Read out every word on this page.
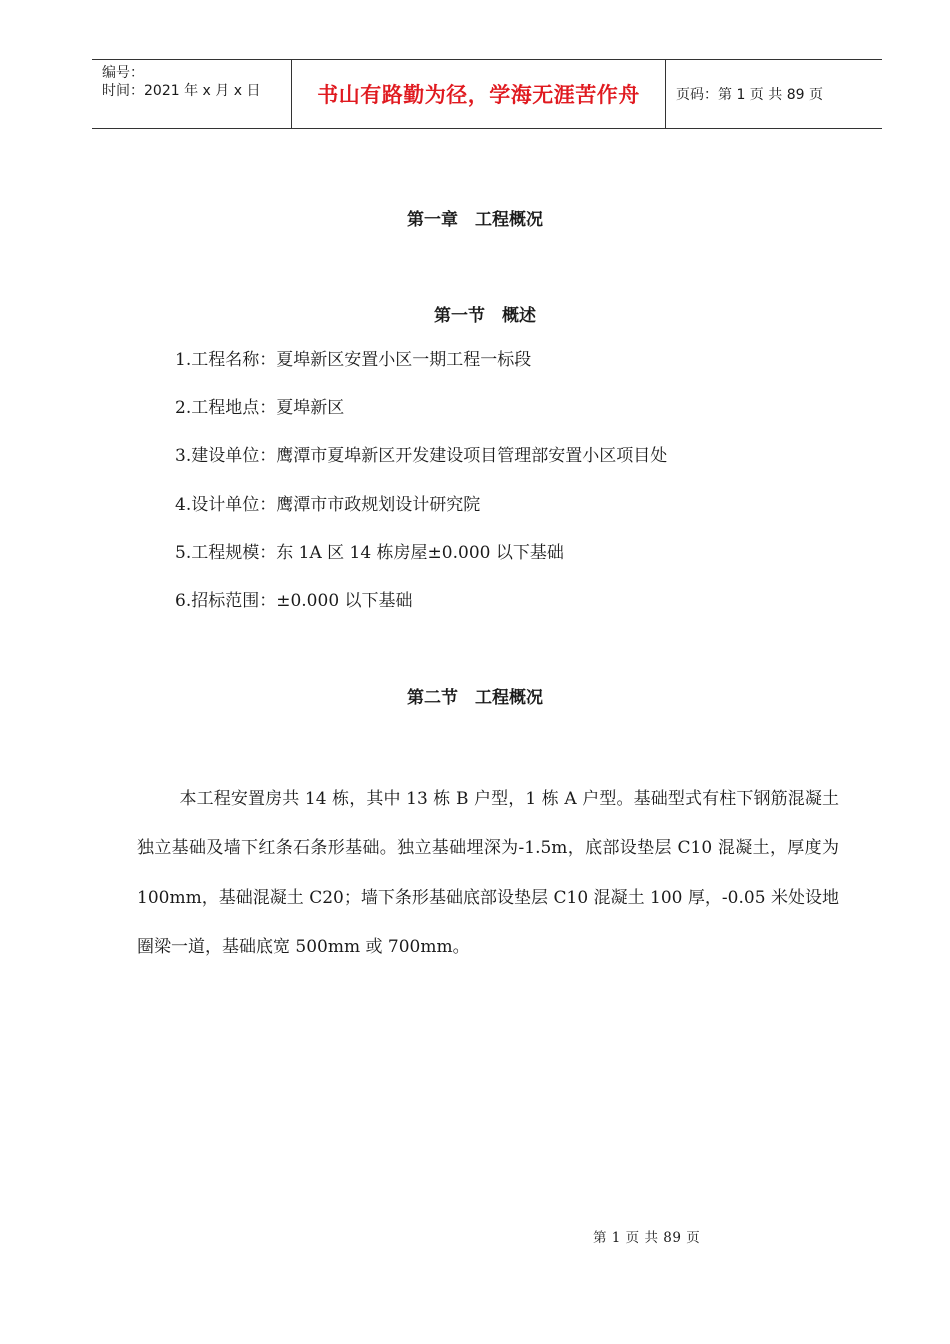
编号：
时间：2021 年 x 月 x 日	书山有路勤为径，学海无涯苦作舟	页码：第 1 页 共 89 页
第一章　工程概况
第一节　概述
1.工程名称：夏埠新区安置小区一期工程一标段
2.工程地点：夏埠新区
3.建设单位：鹰潭市夏埠新区开发建设项目管理部安置小区项目处
4.设计单位：鹰潭市市政规划设计研究院
5.工程规模：东 1A 区 14 栋房屋±0.000 以下基础
6.招标范围：±0.000 以下基础
第二节　工程概况

本工程安置房共 14 栋，其中 13 栋 B 户型，1 栋 A 户型。基础型式有柱下钢筋混凝土独立基础及墙下红条石条形基础。独立基础埋深为-1.5m，底部设垫层 C10 混凝土，厚度为 100mm，基础混凝土 C20；墙下条形基础底部设垫层 C10 混凝土 100 厚，-0.05 米处设地圈梁一道，基础底宽 500mm 或 700mm。

第 1 页 共 89 页
